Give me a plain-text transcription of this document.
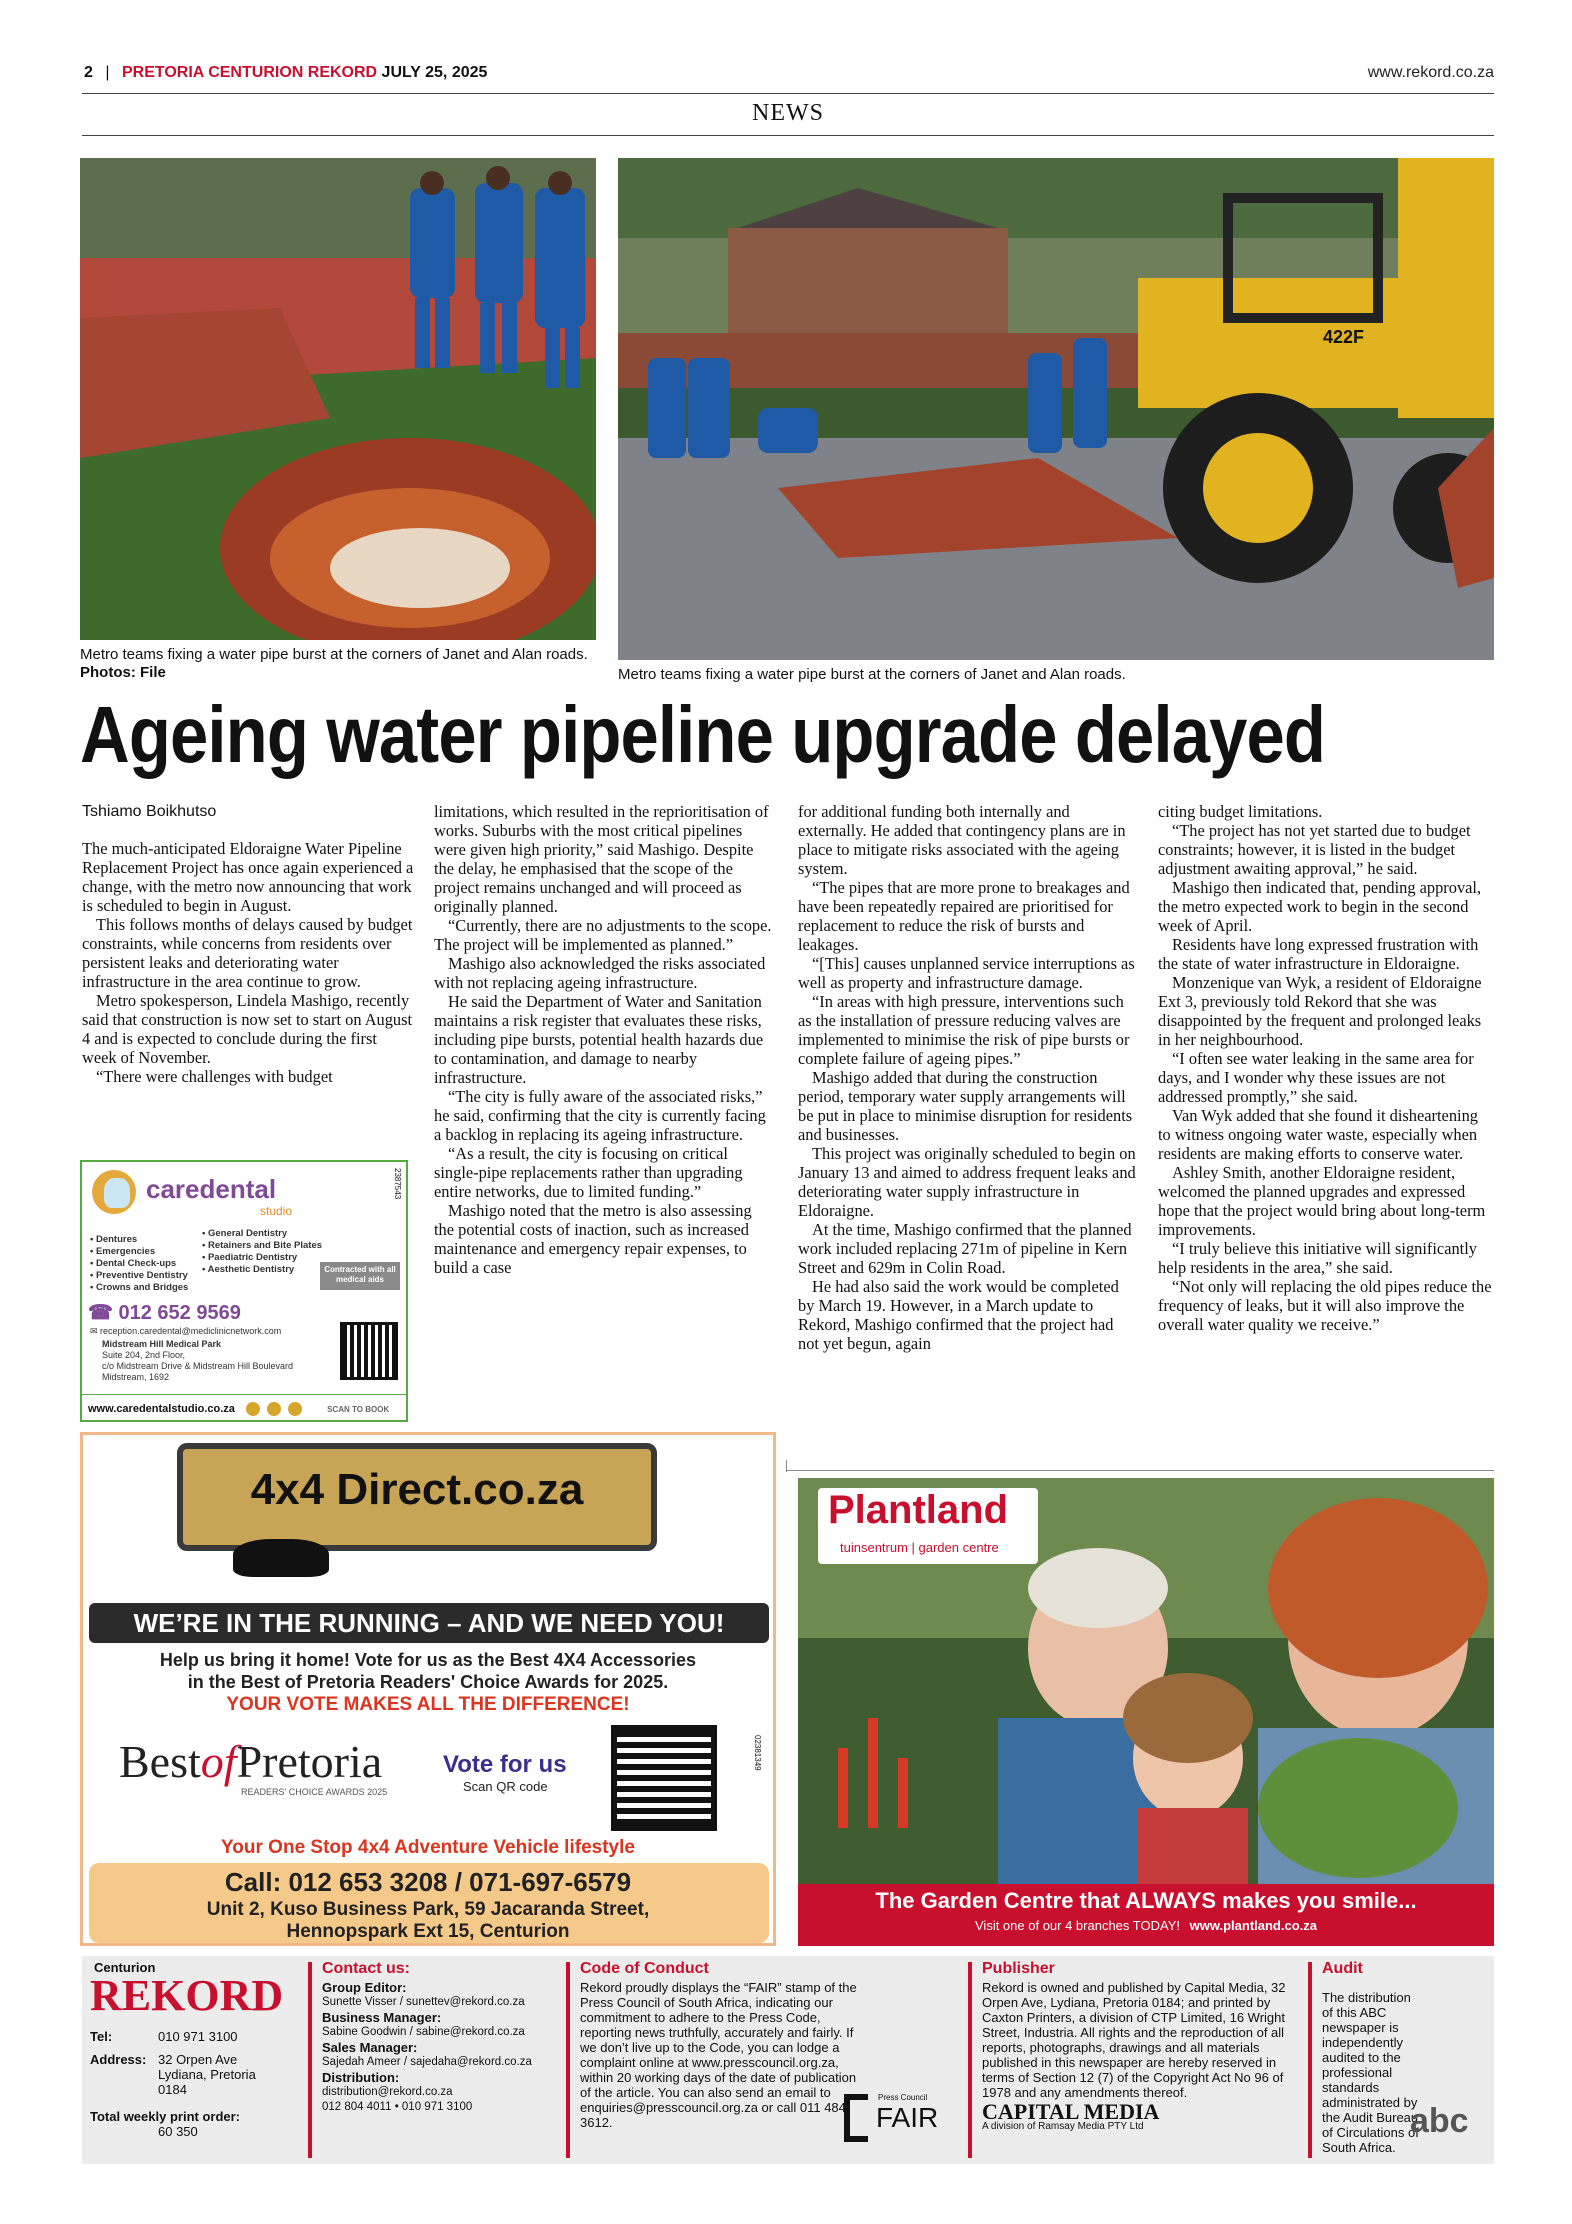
2 | PRETORIA CENTURION REKORD JULY 25, 2025	www.rekord.co.za
NEWS
Metro teams fixing a water pipe burst at the corners of Janet and Alan roads. Photos: File
422F
Metro teams fixing a water pipe burst at the corners of Janet and Alan roads.
Ageing water pipeline upgrade delayed
Tshiamo Boikhutso

The much-anticipated Eldoraigne Water Pipeline Replacement Project has once again experienced a change, with the metro now announcing that work is scheduled to begin in August.

This follows months of delays caused by budget constraints, while concerns from residents over persistent leaks and deteriorating water infrastructure in the area continue to grow.

Metro spokesperson, Lindela Mashigo, recently said that construction is now set to start on August 4 and is expected to conclude during the first week of November.

“There were challenges with budget

limitations, which resulted in the reprioritisation of works. Suburbs with the most critical pipelines were given high priority,” said Mashigo. Despite the delay, he emphasised that the scope of the project remains unchanged and will proceed as originally planned.

“Currently, there are no adjustments to the scope. The project will be implemented as planned.”

Mashigo also acknowledged the risks associated with not replacing ageing infrastructure.

He said the Department of Water and Sanitation maintains a risk register that evaluates these risks, including pipe bursts, potential health hazards due to contamination, and damage to nearby infrastructure.

“The city is fully aware of the associated risks,” he said, confirming that the city is currently facing a backlog in replacing its ageing infrastructure.

“As a result, the city is focusing on critical single-pipe replacements rather than upgrading entire networks, due to limited funding.”

Mashigo noted that the metro is also assessing the potential costs of inaction, such as increased maintenance and emergency repair expenses, to build a case

for additional funding both internally and externally. He added that contingency plans are in place to mitigate risks associated with the ageing system.

“The pipes that are more prone to breakages and have been repeatedly repaired are prioritised for replacement to reduce the risk of bursts and leakages.

“[This] causes unplanned service interruptions as well as property and infrastructure damage.

“In areas with high pressure, interventions such as the installation of pressure reducing valves are implemented to minimise the risk of pipe bursts or complete failure of ageing pipes.”

Mashigo added that during the construction period, temporary water supply arrangements will be put in place to minimise disruption for residents and businesses.

This project was originally scheduled to begin on January 13 and aimed to address frequent leaks and deteriorating water supply infrastructure in Eldoraigne.

At the time, Mashigo confirmed that the planned work included replacing 271m of pipeline in Kern Street and 629m in Colin Road.

He had also said the work would be completed by March 19. However, in a March update to Rekord, Mashigo confirmed that the project had not yet begun, again

citing budget limitations.

“The project has not yet started due to budget constraints; however, it is listed in the budget adjustment awaiting approval,” he said.

Mashigo then indicated that, pending approval, the metro expected work to begin in the second week of April.

Residents have long expressed frustration with the state of water infrastructure in Eldoraigne.

Monzenique van Wyk, a resident of Eldoraigne Ext 3, previously told Rekord that she was disappointed by the frequent and prolonged leaks in her neighbourhood.

“I often see water leaking in the same area for days, and I wonder why these issues are not addressed promptly,” she said.

Van Wyk added that she found it disheartening to witness ongoing water waste, especially when residents are making efforts to conserve water.

Ashley Smith, another Eldoraigne resident, welcomed the planned upgrades and expressed hope that the project would bring about long-term improvements.

“I truly believe this initiative will significantly help residents in the area,” she said.

“Not only will replacing the old pipes reduce the frequency of leaks, but it will also improve the overall water quality we receive.”

caredental
studio
2387543
• Dentures
• Emergencies
• Dental Check-ups
• Preventive Dentistry
• Crowns and Bridges
• General Dentistry
• Retainers and Bite Plates
• Paediatric Dentistry
• Aesthetic Dentistry	Contracted with all medical aids
☎ 012 652 9569
✉ reception.caredental@mediclinicnetwork.com
Midstream Hill Medical Park
Suite 204, 2nd Floor,
c/o Midstream Drive & Midstream Hill Boulevard
Midstream, 1692
www.caredentalstudio.co.za	SCAN TO BOOK
4x4 Direct.co.za
WE’RE IN THE RUNNING – AND WE NEED YOU!
Help us bring it home! Vote for us as the Best 4X4 Accessories
in the Best of Pretoria Readers' Choice Awards for 2025.
YOUR VOTE MAKES ALL THE DIFFERENCE!
BestofPretoria
READERS' CHOICE AWARDS 2025
Vote for us
Scan QR code
02381349
Your One Stop 4x4 Adventure Vehicle lifestyle
Call: 012 653 3208 / 071-697-6579
Unit 2, Kuso Business Park, 59 Jacaranda Street,
Hennopspark Ext 15, Centurion
Plantland
tuinsentrum | garden centre
The Garden Centre that ALWAYS makes you smile...
Visit one of our 4 branches TODAY! www.plantland.co.za
Centurion
REKORD
Tel:	010 971 3100
Address: 32 Orpen Ave
Lydiana, Pretoria
0184
Total weekly print order:
60 350
Contact us:
Group Editor:
Sunette Visser / sunettev@rekord.co.za
Business Manager:
Sabine Goodwin / sabine@rekord.co.za
Sales Manager:
Sajedah Ameer / sajedaha@rekord.co.za
Distribution:
distribution@rekord.co.za
012 804 4011 • 010 971 3100
Code of Conduct
Rekord proudly displays the “FAIR” stamp of the Press Council of South Africa, indicating our commitment to adhere to the Press Code, reporting news truthfully, accurately and fairly. If we don’t live up to the Code, you can lodge a complaint online at www.presscouncil.org.za, within 20 working days of the date of publication of the article. You can also send an email to enquiries@presscouncil.org.za or call 011 484 3612.
Press Council
FAIR
Publisher
Rekord is owned and published by Capital Media, 32 Orpen Ave, Lydiana, Pretoria 0184; and printed by Caxton Printers, a division of CTP Limited, 16 Wright Street, Industria. All rights and the reproduction of all reports, photographs, drawings and all materials published in this newspaper are hereby reserved in terms of Section 12 (7) of the Copyright Act No 96 of 1978 and any amendments thereof.
CAPITAL MEDIA
A division of Ramsay Media PTY Ltd
Audit
The distribution of this ABC newspaper is independently audited to the professional standards administrated by the Audit Bureau of Circulations of South Africa.
abc
